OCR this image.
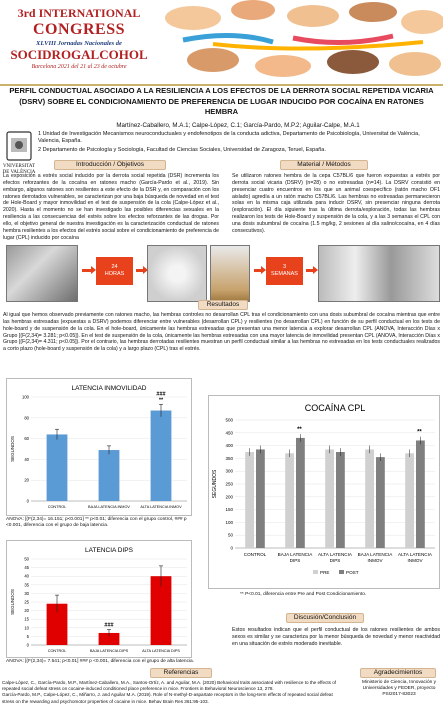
3rd INTERNATIONAL
CONGRESS
XLVIII Jornadas Nacionales de
SOCIDROGALCOHOL
Barcelona 2021 del 21 al 23 de octubre
PERFIL CONDUCTUAL ASOCIADO A LA RESILIENCIA A LOS EFECTOS DE LA DERROTA SOCIAL REPETIDA VICARIA (DSRV) SOBRE EL CONDICIONAMIENTO DE PREFERENCIA DE LUGAR INDUCIDO POR COCAÍNA EN RATONES HEMBRA
VNIVERSITAT DE VALÈNCIA
Martínez-Caballero, M.A.1; Calpe-López, C.1; García-Pardo, M.P.2; Aguilar-Calpe, M.A.1
1 Unidad de Investigación Mecanismos neuroconductuales y endofenotipos de la conducta adictiva, Departamento de Psicobiología, Universitat de València, Valencia, España.
2 Departamento de Psicología y Sociología, Facultad de Ciencias Sociales, Universidad de Zaragoza, Teruel, España.
Introducción / Objetivos
La exposición a estrés social inducido por la derrota social repetida (DSR) incrementa los efectos reforzantes de la cocaína en ratones macho (García-Pardo et al., 2019). Sin embargo, algunos ratones son resilientes a este efecto de la DSR y, en comparación con los ratones derrotados vulnerables, se caracterizan por una baja búsqueda de novedad en el test de Hole-Board y mayor inmovilidad en el test de suspensión de la cola (Calpe-López et al., 2020). Hasta el momento no se han investigado las posibles diferencias sexuales en la resiliencia a las consecuencias del estrés sobre los efectos reforzantes de las drogas. Por ello, el objetivo general de nuestra investigación es la caracterización conductual de ratones hembra resilientes a los efectos del estrés social sobre el condicionamiento de preferencia de lugar (CPL) inducido por cocaína
Material / Métodos
Se utilizaron ratones hembra de la cepa C57BL/6 que fueron expuestas a estrés por derrota social vicaria (DSRV) (n=28) o no estresadas (n=14). La DSRV consistió en presenciar cuatro encuentros en los que un animal coespecífico (ratón macho OF1 aislado) agredía a un ratón macho C57BL/6. Las hembras no estresadas permanecieron solas en la misma caja utilizada para inducir DSRV, sin presenciar ninguna derrota (exploración). El día siguiente tras la última derrota/exploración, todas las hembras realizaron los tests de Hole-Board y suspensión de la cola, y a las 3 semanas el CPL con una dosis subumbral de cocaína (1.5 mg/kg, 2 sesiones al día salino/cocaína, en 4 días consecutivos).
24
HORAS
3
SEMANAS
Resultados
Al igual que hemos observado previamente con ratones macho, las hembras controles no desarrollan CPL tras el condicionamiento con una dosis subumbral de cocaína mientras que entre las hembras estresadas (expuestas a DSRV) podemos diferenciar entre vulnerables (desarrollan CPL) y resilientes (no desarrollan CPL) en función de su perfil conductual en los tests de hole-board y de suspensión de la cola. En el hole-board, únicamente las hembras estresadas que presentan una menor latencia a explorar desarrollan CPL (ANOVA, Interacción Días x Grupo [(F(2,34)= 3.281; p<0.05]). En el test de suspensión de la cola, únicamente las hembras estresadas con una mayor latencia de inmovilidad presentan CPL (ANOVA, Interacción Días x Grupo [(F(2,34)= 4.311; p<0.05]). Por el contrario, las hembras derrotadas resilientes muestran un perfil conductual similar a las hembras no estresadas en los tests conductuales realizados a corto plazo (hole-board y suspensión de la cola) y a largo plazo (CPL) tras el estrés.
LATENCIA INMOVILIDAD
SEGUNDOS
0
20
40
60
80
100
CONTROL	BAJA LATENCIA INMOV
###
**
ALTA LATENCIA INMOV
ANOVA: [(F(2,34)= 16.151; p<0.001] ** p<0.01; diferencia con el grupo control, ### p <0.001, diferencia con el grupo de baja latencia.
LATENCIA DIPS
SEGUNDOS
0
5
10
15
20
25
30
35
40
45
50
CONTROL
###
BAJA LATENCIA DIPS	ALTA LATENCIA DIPS
ANOVA: [(F(2,34)= 7.541; p<0.01] ### p <0.001, diferencia con el grupo de alta latencia.
COCAÍNA CPL
SEGUNDOS
0
50
100
150
200
250
300
350
400
450
500
CONTROL
**
BAJA LATENCIA
DIPS
ALTA LATENCIA
DIPS
BAJA LATENCIA
INMOV
**
ALTA LATENCIA
INMOV
PRE	POST
** P<0.01, diferencia entre Pre and Post Condicionamiento.
Discusión/Conclusión
Estos resultados indican que el perfil conductual de los ratones resilientes de ambos sexos es similar y se caracteriza por la menor búsqueda de novedad y menor reactividad en una situación de estrés moderado inevitable.
Referencias
Calpe-López, C., García-Pardo, M.P., Martínez-Caballero, M.A., Santos-Ortíz, A. and Aguilar, M.A. (2020) Behavioral traits associated with resilience to the effects of repeated social defeat stress on cocaine-induced conditioned place preference in mice. Frontiers in Behavioral Neuroscience 13, 278.
García-Pardo, M.P., Calpe-López, C., Miñarro, J. and Aguilar M.A. (2019). Role of N-methyl-D-aspartate receptors in the long-term effects of repeated social defeat stress on the rewarding and psychomotor properties of cocaine in mice. Behav Brain Res 361:95-103.
Agradecimientos
Ministerio de Ciencia, Innovación y Universidades y FEDER, proyecto PSI2017-83023
